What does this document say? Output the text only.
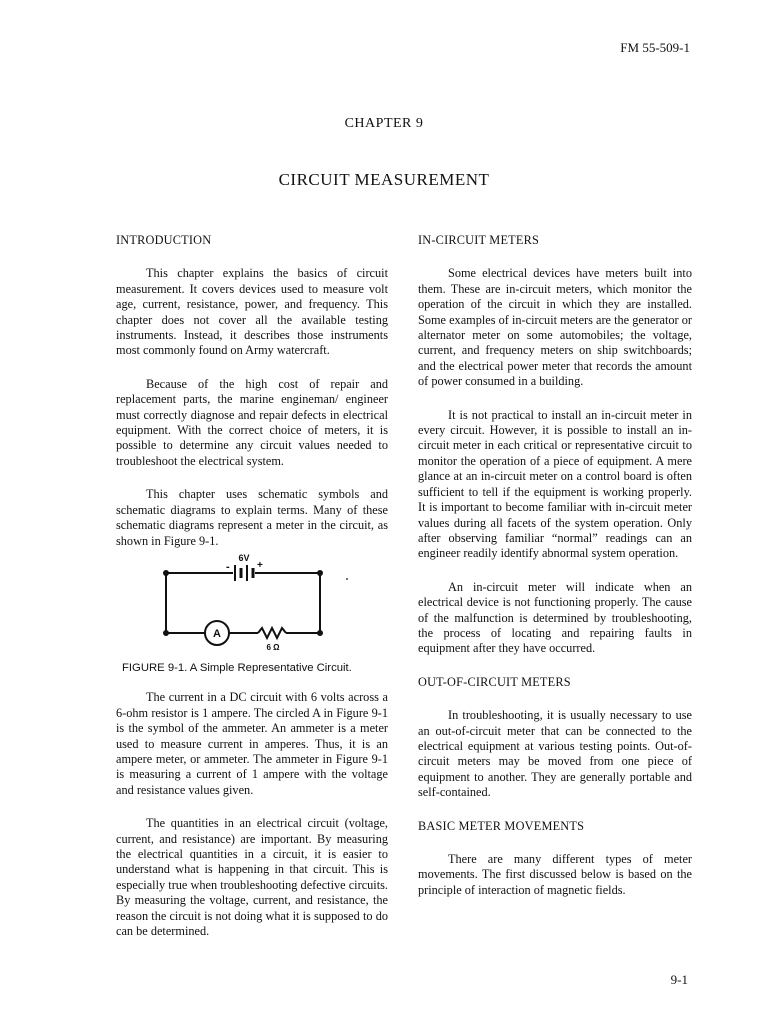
FM 55-509-1
CHAPTER 9
CIRCUIT MEASUREMENT
INTRODUCTION

This chapter explains the basics of circuit measurement. It covers devices used to measure volt age, current, resistance, power, and frequency. This chapter does not cover all the available testing instruments. Instead, it describes those instruments most commonly found on Army watercraft.

Because of the high cost of repair and replacement parts, the marine engineman/ engineer must correctly diagnose and repair defects in electrical equipment. With the correct choice of meters, it is possible to determine any circuit values needed to troubleshoot the electrical system.

This chapter uses schematic symbols and schematic diagrams to explain terms. Many of these schematic diagrams represent a meter in the circuit, as shown in Figure 9-1.

6V
-	+
A
6 Ω
FIGURE 9-1. A Simple Representative Circuit.

The current in a DC circuit with 6 volts across a 6-ohm resistor is 1 ampere. The circled A in Figure 9-1 is the symbol of the ammeter. An ammeter is a meter used to measure current in amperes. Thus, it is an ampere meter, or ammeter. The ammeter in Figure 9-1 is measuring a current of 1 ampere with the voltage and resistance values given.

The quantities in an electrical circuit (voltage, current, and resistance) are important. By measuring the electrical quantities in a circuit, it is easier to understand what is happening in that circuit. This is especially true when troubleshooting defective circuits. By measuring the voltage, current, and resistance, the reason the circuit is not doing what it is supposed to do can be determined.

IN-CIRCUIT METERS

Some electrical devices have meters built into them. These are in-circuit meters, which monitor the operation of the circuit in which they are installed. Some examples of in-circuit meters are the generator or alternator meter on some automobiles; the voltage, current, and frequency meters on ship switchboards; and the electrical power meter that records the amount of power consumed in a building.

It is not practical to install an in-circuit meter in every circuit. However, it is possible to install an in-circuit meter in each critical or representative circuit to monitor the operation of a piece of equipment. A mere glance at an in-circuit meter on a control board is often sufficient to tell if the equipment is working properly. It is important to become familiar with in-circuit meter values during all facets of the system operation. Only after observing familiar “normal” readings can an engineer readily identify abnormal system operation.

An in-circuit meter will indicate when an electrical device is not functioning properly. The cause of the malfunction is determined by troubleshooting, the process of locating and repairing faults in equipment after they have occurred.

OUT-OF-CIRCUIT METERS

In troubleshooting, it is usually necessary to use an out-of-circuit meter that can be connected to the electrical equipment at various testing points. Out-of-circuit meters may be moved from one piece of equipment to another. They are generally portable and self-contained.

BASIC METER MOVEMENTS

There are many different types of meter movements. The first discussed below is based on the principle of interaction of magnetic fields.

9-1
